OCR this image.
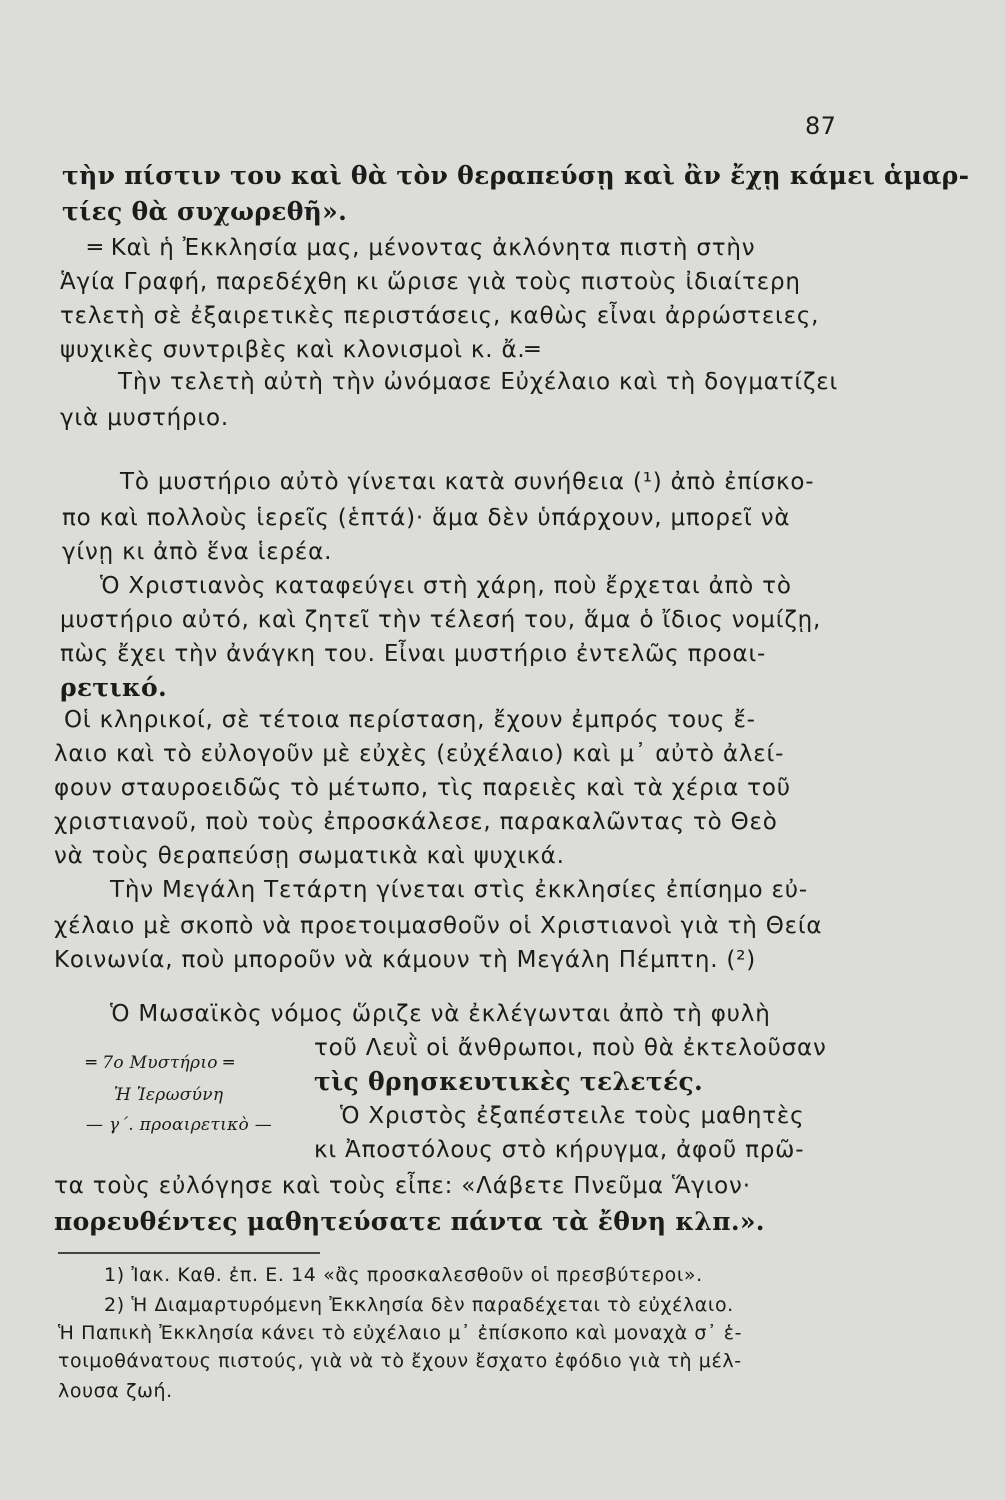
87
τὴν πίστιν του καὶ θὰ τὸν θεραπεύσῃ καὶ ἂν ἔχῃ κάμει ἁμαρ-
τίες θὰ συχωρεθῆ».
═ Καὶ ἡ Ἐκκλησία μας, μένοντας ἀκλόνητα πιστὴ στὴν
Ἁγία Γραφή, παρεδέχθη κι ὥρισε γιὰ τοὺς πιστοὺς ἰδιαίτερη
τελετὴ σὲ ἐξαιρετικὲς περιστάσεις, καθὼς εἶναι ἀρρώστειες,
ψυχικὲς συντριβὲς καὶ κλονισμοὶ κ. ἄ.═
Τὴν τελετὴ αὐτὴ τὴν ὠνόμασε Εὐχέλαιο καὶ τὴ δογματίζει
γιὰ μυστήριο.
Τὸ μυστήριο αὐτὸ γίνεται κατὰ συνήθεια (¹) ἀπὸ ἐπίσκο-
πο καὶ πολλοὺς ἱερεῖς (ἑπτά)· ἅμα δὲν ὑπάρχουν, μπορεῖ νὰ
γίνῃ κι ἀπὸ ἕνα ἱερέα.
Ὁ Χριστιανὸς καταφεύγει στὴ χάρη, ποὺ ἔρχεται ἀπὸ τὸ
μυστήριο αὐτό, καὶ ζητεῖ τὴν τέλεσή του, ἅμα ὁ ἴδιος νομίζῃ,
πὼς ἔχει τὴν ἀνάγκη του. Εἶναι μυστήριο ἐντελῶς προαι-
ρετικό.
Οἱ κληρικοί, σὲ τέτοια περίσταση, ἔχουν ἐμπρός τους ἔ-
λαιο καὶ τὸ εὐλογοῦν μὲ εὐχὲς (εὐχέλαιο) καὶ μ᾽ αὐτὸ ἀλεί-
φουν σταυροειδῶς τὸ μέτωπο, τὶς παρειὲς καὶ τὰ χέρια τοῦ
χριστιανοῦ, ποὺ τοὺς ἐπροσκάλεσε, παρακαλῶντας τὸ Θεὸ
νὰ τοὺς θεραπεύσῃ σωματικὰ καὶ ψυχικά.
Τὴν Μεγάλη Τετάρτη γίνεται στὶς ἐκκλησίες ἐπίσημο εὐ-
χέλαιο μὲ σκοπὸ νὰ προετοιμασθοῦν οἱ Χριστιανοὶ γιὰ τὴ Θεία
Κοινωνία, ποὺ μποροῦν νὰ κάμουν τὴ Μεγάλη Πέμπτη. (²)
Ὁ Μωσαϊκὸς νόμος ὥριζε νὰ ἐκλέγωνται ἀπὸ τὴ φυλὴ
τοῦ Λευῒ οἱ ἄνθρωποι, ποὺ θὰ ἐκτελοῦσαν
τὶς θρησκευτικὲς τελετές.
Ὁ Χριστὸς ἐξαπέστειλε τοὺς μαθητὲς
κι Ἀποστόλους στὸ κήρυγμα, ἀφοῦ πρῶ-
τα τοὺς εὐλόγησε καὶ τοὺς εἶπε: «Λάβετε Πνεῦμα Ἅγιον·
πορευθέντες μαθητεύσατε πάντα τὰ ἔθνη κλπ.».
═ 7ο Μυστήριο ═
Ἡ Ἱερωσύνη
— γ΄. προαιρετικὸ —
1) Ἰακ. Καθ. ἐπ. Ε. 14 «ἂς προσκαλεσθοῦν οἱ πρεσβύτεροι».
2) Ἡ Διαμαρτυρόμενη Ἐκκλησία δὲν παραδέχεται τὸ εὐχέλαιο.
Ἡ Παπικὴ Ἐκκλησία κάνει τὸ εὐχέλαιο μ᾽ ἐπίσκοπο καὶ μοναχὰ σ᾽ ἑ-
τοιμοθάνατους πιστούς, γιὰ νὰ τὸ ἔχουν ἔσχατο ἐφόδιο γιὰ τὴ μέλ-
λουσα ζωή.
